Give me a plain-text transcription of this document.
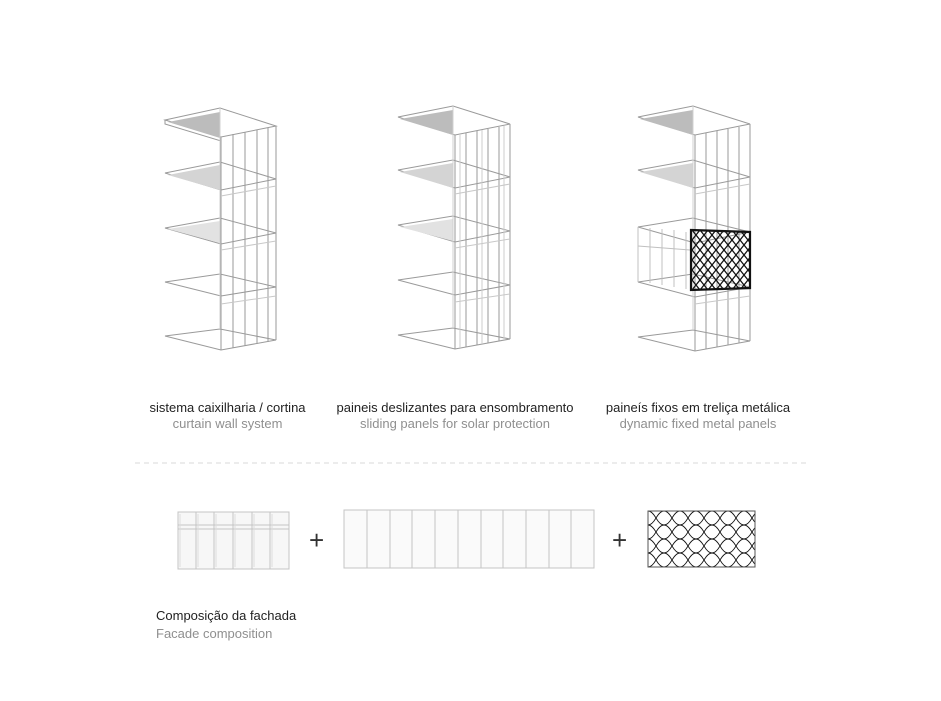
sistema caixilharia / cortina
curtain wall system
paineis deslizantes para ensombramento
sliding panels for solar protection
paineís fixos em treliça metálica
dynamic fixed metal panels
+	+
Composição da fachada
Facade composition
